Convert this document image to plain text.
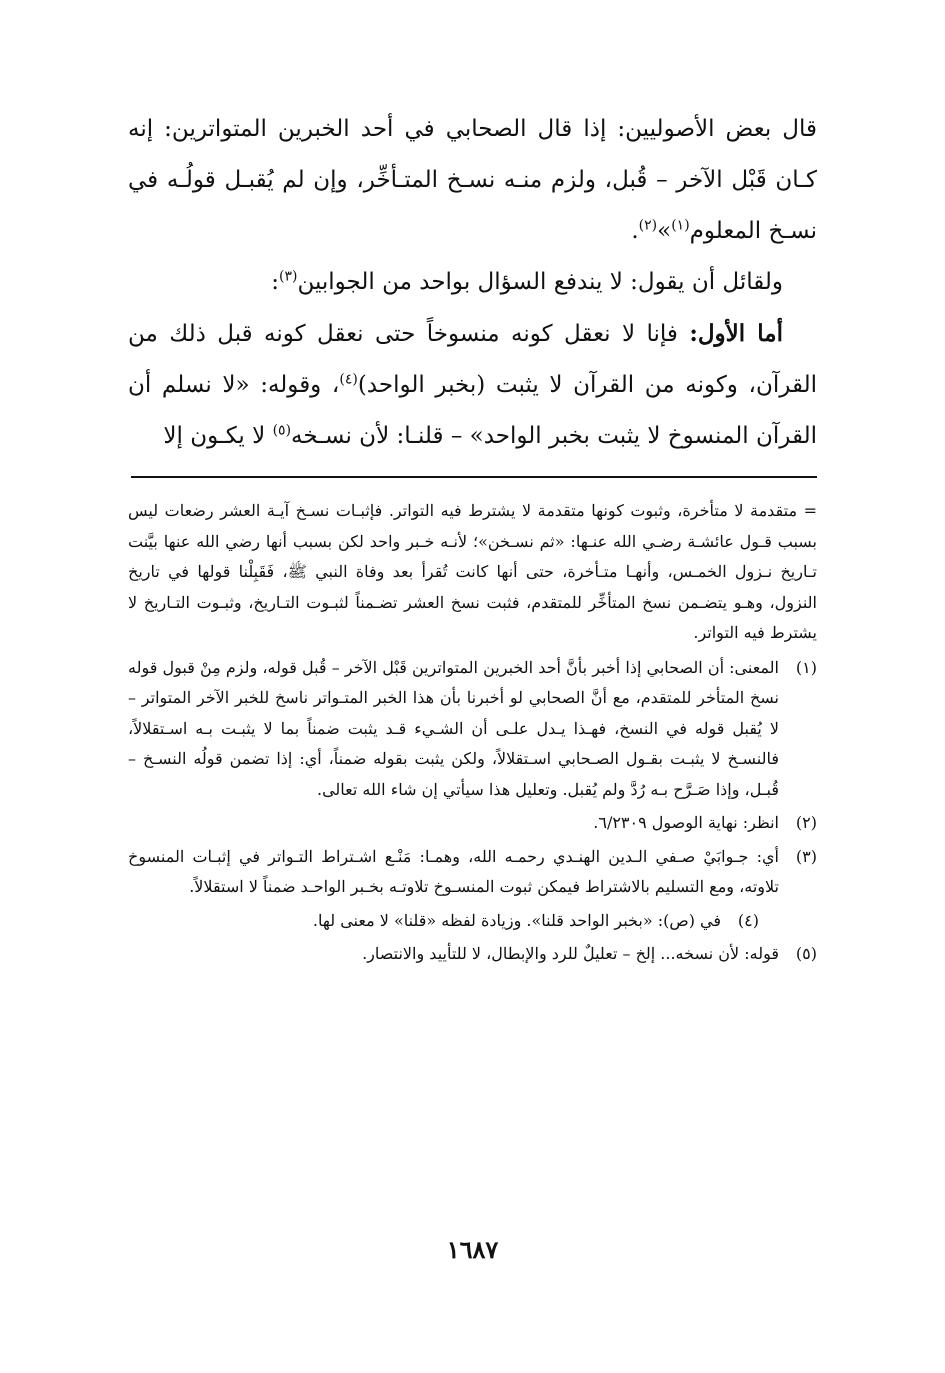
قال بعض الأصوليين: إذا قال الصحابي في أحد الخبرين المتواترين: إنه كـان قَبْل الآخر – قُبل، ولزم منـه نسـخ المتـأخِّر، وإن لم يُقبـل قولُـه في نسـخ المعلوم$^{(١)}$»$^{(٢)}$.

ولقائل أن يقول: لا يندفع السؤال بواحد من الجوابين$^{(٣)}$:

أما الأول: فإنا لا نعقل كونه منسوخاً حتى نعقل كونه قبل ذلك من القرآن، وكونه من القرآن لا يثبت (بخبر الواحد)$^{(٤)}$، وقوله: «لا نسلم أن القرآن المنسوخ لا يثبت بخبر الواحد» – قلنـا: لأن نسـخه$^{(٥)}$ لا يكـون إلا

= متقدمة لا متأخرة، وثبوت كونها متقدمة لا يشترط فيه التواتر. فإثبـات نسـخ آيـة العشر رضعات ليس بسبب قـول عائشـة رضـي الله عنـها: «ثم نسـخن»؛ لأنـه خـبر واحد لكن بسبب أنها رضي الله عنها بيَّنت تـاريخ نـزول الخمـس، وأنهـا متـأخرة، حتى أنها كانت تُقرأ بعد وفاة النبي ﷺ، فَقَبِلْنا قولها في تاريخ النزول، وهـو يتضـمن نسخ المتأخِّر للمتقدم، فثبت نسخ العشر تضـمناً لثبـوت التـاريخ، وثبـوت التـاريخ لا يشترط فيه التواتر.

(١)

المعنى: أن الصحابي إذا أخبر بأنَّ أحد الخبرين المتواترين قَبْل الآخر – قُبل قوله، ولزم مِنْ قبول قوله نسخ المتأخر للمتقدم، مع أنَّ الصحابي لو أخبرنا بأن هذا الخبر المتـواتر ناسخ للخبر الآخر المتواتر – لا يُقبل قوله في النسخ، فهـذا يـدل علـى أن الشـيء قـد يثبت ضمناً بما لا يثبـت بـه اسـتقلالاً، فالنسـخ لا يثبـت بقـول الصـحابي اسـتقلالاً، ولكن يثبت بقوله ضمناً، أي: إذا تضمن قولُه النسـخ – قُبـل، وإذا صَـرَّح بـه رُدَّ ولم يُقبل. وتعليل هذا سيأتي إن شاء الله تعالى.

(٢)

انظر: نهاية الوصول ٦/٢٣٠٩.

(٣)

أي: جـوابَيْ صـفي الـدين الهنـدي رحمـه الله، وهمـا: مَنْـع اشـتراط التـواتر في إثبـات المنسوخ تلاوته، ومع التسليم بالاشتراط فيمكن ثبوت المنسـوخ تلاوتـه بخـبر الواحـد ضمناً لا استقلالاً.

(٤)

في (ص): «بخبر الواحد قلنا». وزيادة لفظه «قلنا» لا معنى لها.

(٥)

قوله: لأن نسخه... إلخ – تعليلٌ للرد والإبطال، لا للتأييد والانتصار.

١٦٨٧
